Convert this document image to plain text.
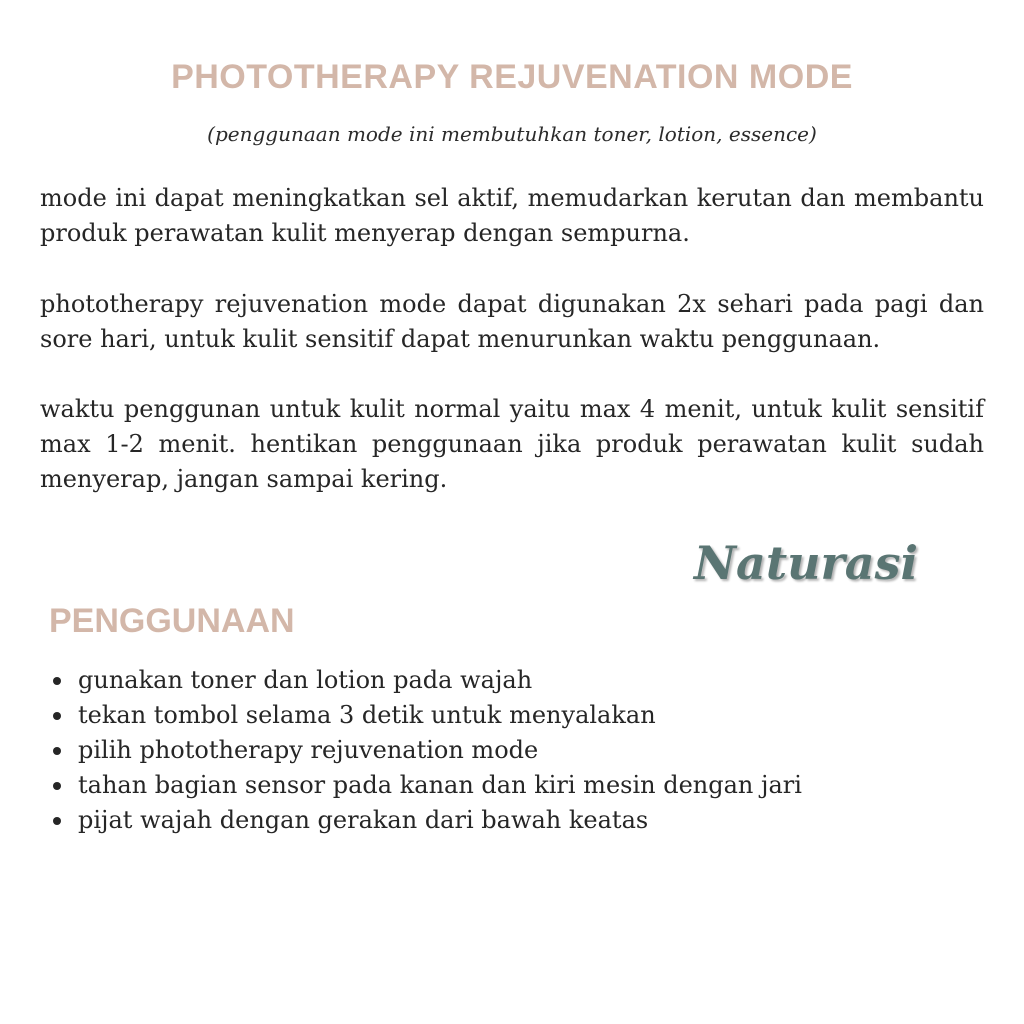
PHOTOTHERAPY REJUVENATION MODE

(penggunaan mode ini membutuhkan toner, lotion, essence)

mode ini dapat meningkatkan sel aktif, memudarkan kerutan dan membantu produk perawatan kulit menyerap dengan sempurna.

phototherapy rejuvenation mode dapat digunakan 2x sehari pada pagi dan sore hari, untuk kulit sensitif dapat menurunkan waktu penggunaan.

waktu penggunan untuk kulit normal yaitu max 4 menit, untuk kulit sensitif max 1-2 menit. hentikan penggunaan jika produk perawatan kulit sudah menyerap, jangan sampai kering.

Naturasi
PENGGUNAAN
gunakan toner dan lotion pada wajah
tekan tombol selama 3 detik untuk menyalakan
pilih phototherapy rejuvenation mode
tahan bagian sensor pada kanan dan kiri mesin dengan jari
pijat wajah dengan gerakan dari bawah keatas
